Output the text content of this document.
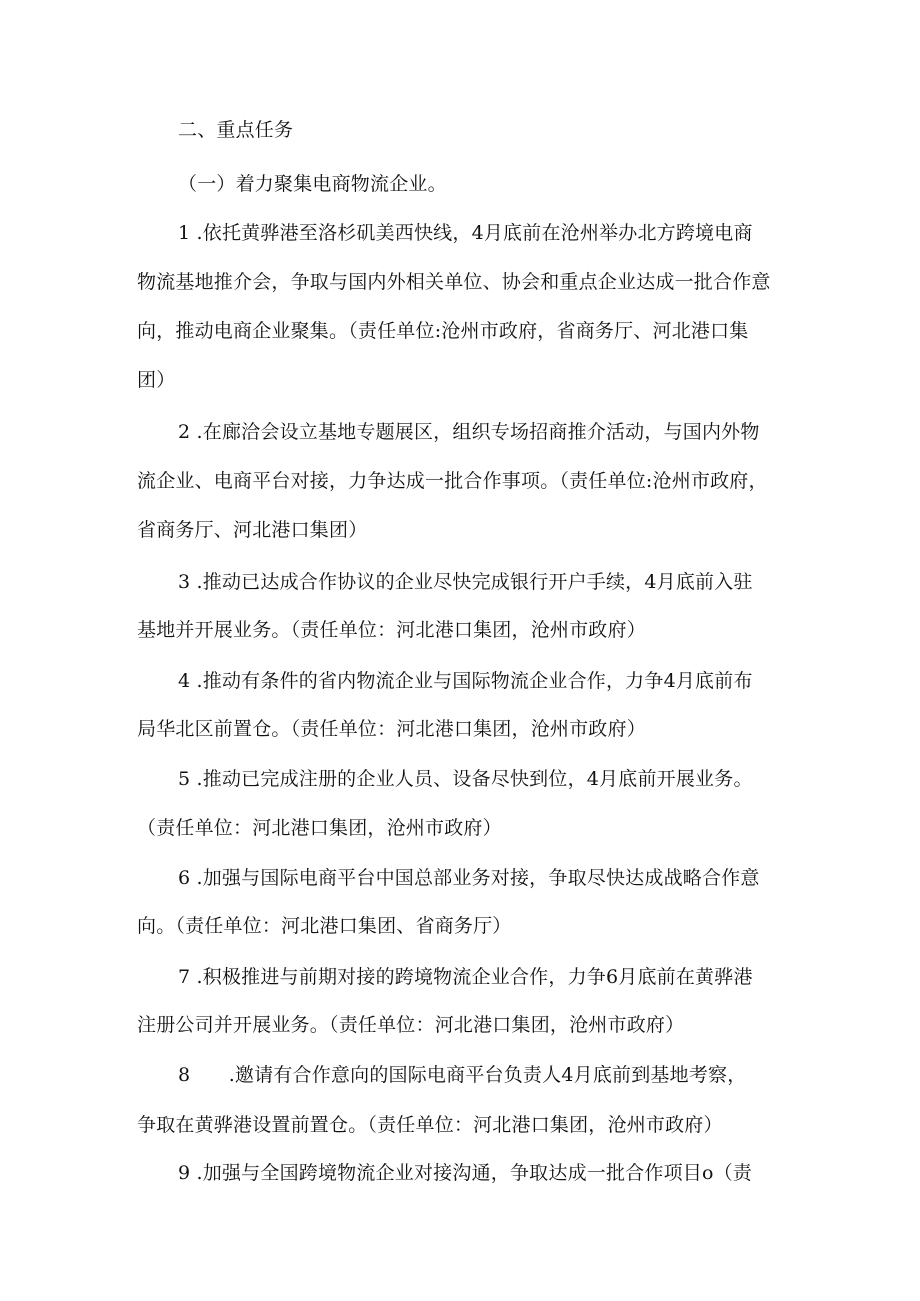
二、重点任务
（一）着力聚集电商物流企业。
1 .依托黄骅港至洛杉矶美西快线，4月底前在沧州举办北方跨境电商
物流基地推介会，争取与国内外相关单位、协会和重点企业达成一批合作意
向，推动电商企业聚集。（责任单位:沧州市政府，省商务厅、河北港口集
团）
2 .在廊洽会设立基地专题展区，组织专场招商推介活动，与国内外物
流企业、电商平台对接，力争达成一批合作事项。（责任单位:沧州市政府，
省商务厅、河北港口集团）
3 .推动已达成合作协议的企业尽快完成银行开户手续，4月底前入驻
基地并开展业务。（责任单位：河北港口集团，沧州市政府）
4 .推动有条件的省内物流企业与国际物流企业合作，力争4月底前布
局华北区前置仓。（责任单位：河北港口集团，沧州市政府）
5 .推动已完成注册的企业人员、设备尽快到位，4月底前开展业务。
（责任单位：河北港口集团，沧州市政府）
6 .加强与国际电商平台中国总部业务对接，争取尽快达成战略合作意
向。（责任单位：河北港口集团、省商务厅）
7 .积极推进与前期对接的跨境物流企业合作，力争6月底前在黄骅港
注册公司并开展业务。（责任单位：河北港口集团，沧州市政府）
8　　.邀请有合作意向的国际电商平台负责人4月底前到基地考察，
争取在黄骅港设置前置仓。（责任单位：河北港口集团，沧州市政府）
9 .加强与全国跨境物流企业对接沟通，争取达成一批合作项目o（责
